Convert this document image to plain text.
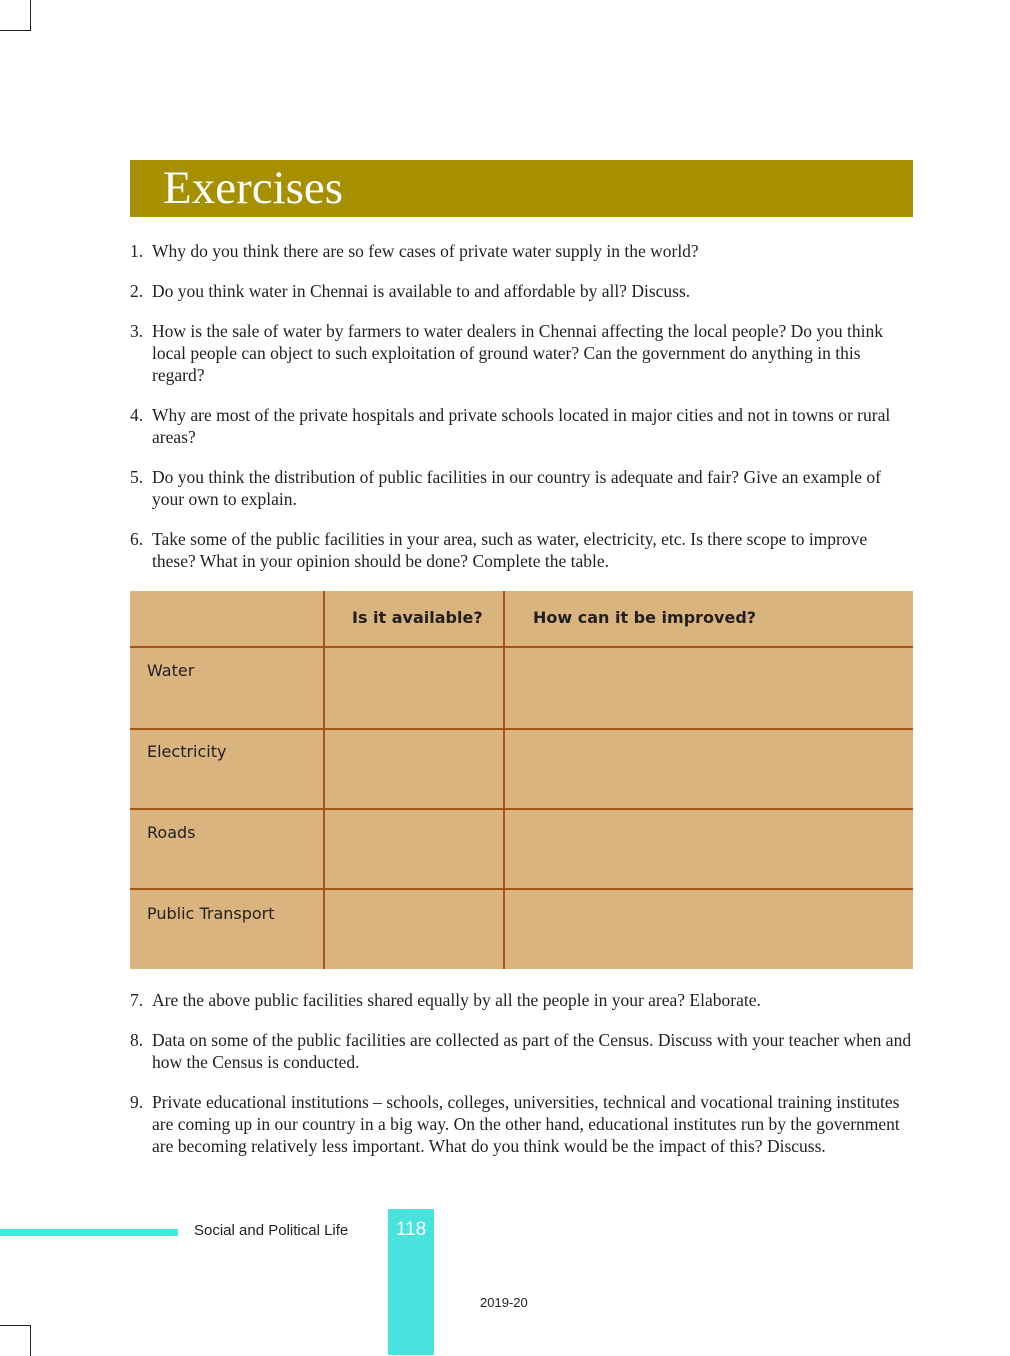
Exercises
1. Why do you think there are so few cases of private water supply in the world?
2. Do you think water in Chennai is available to and affordable by all? Discuss.
3. How is the sale of water by farmers to water dealers in Chennai affecting the local people? Do you think local people can object to such exploitation of ground water? Can the government do anything in this regard?
4. Why are most of the private hospitals and private schools located in major cities and not in towns or rural areas?
5. Do you think the distribution of public facilities in our country is adequate and fair? Give an example of your own to explain.
6. Take some of the public facilities in your area, such as water, electricity, etc. Is there scope to improve these? What in your opinion should be done? Complete the table.
Is it available?	How can it be improved?
Water
Electricity
Roads
Public Transport
7. Are the above public facilities shared equally by all the people in your area? Elaborate.
8. Data on some of the public facilities are collected as part of the Census. Discuss with your teacher when and how the Census is conducted.
9. Private educational institutions – schools, colleges, universities, technical and vocational training institutes are coming up in our country in a big way. On the other hand, educational institutes run by the government are becoming relatively less important. What do you think would be the impact of this? Discuss.
Social and Political Life	118
2019-20
